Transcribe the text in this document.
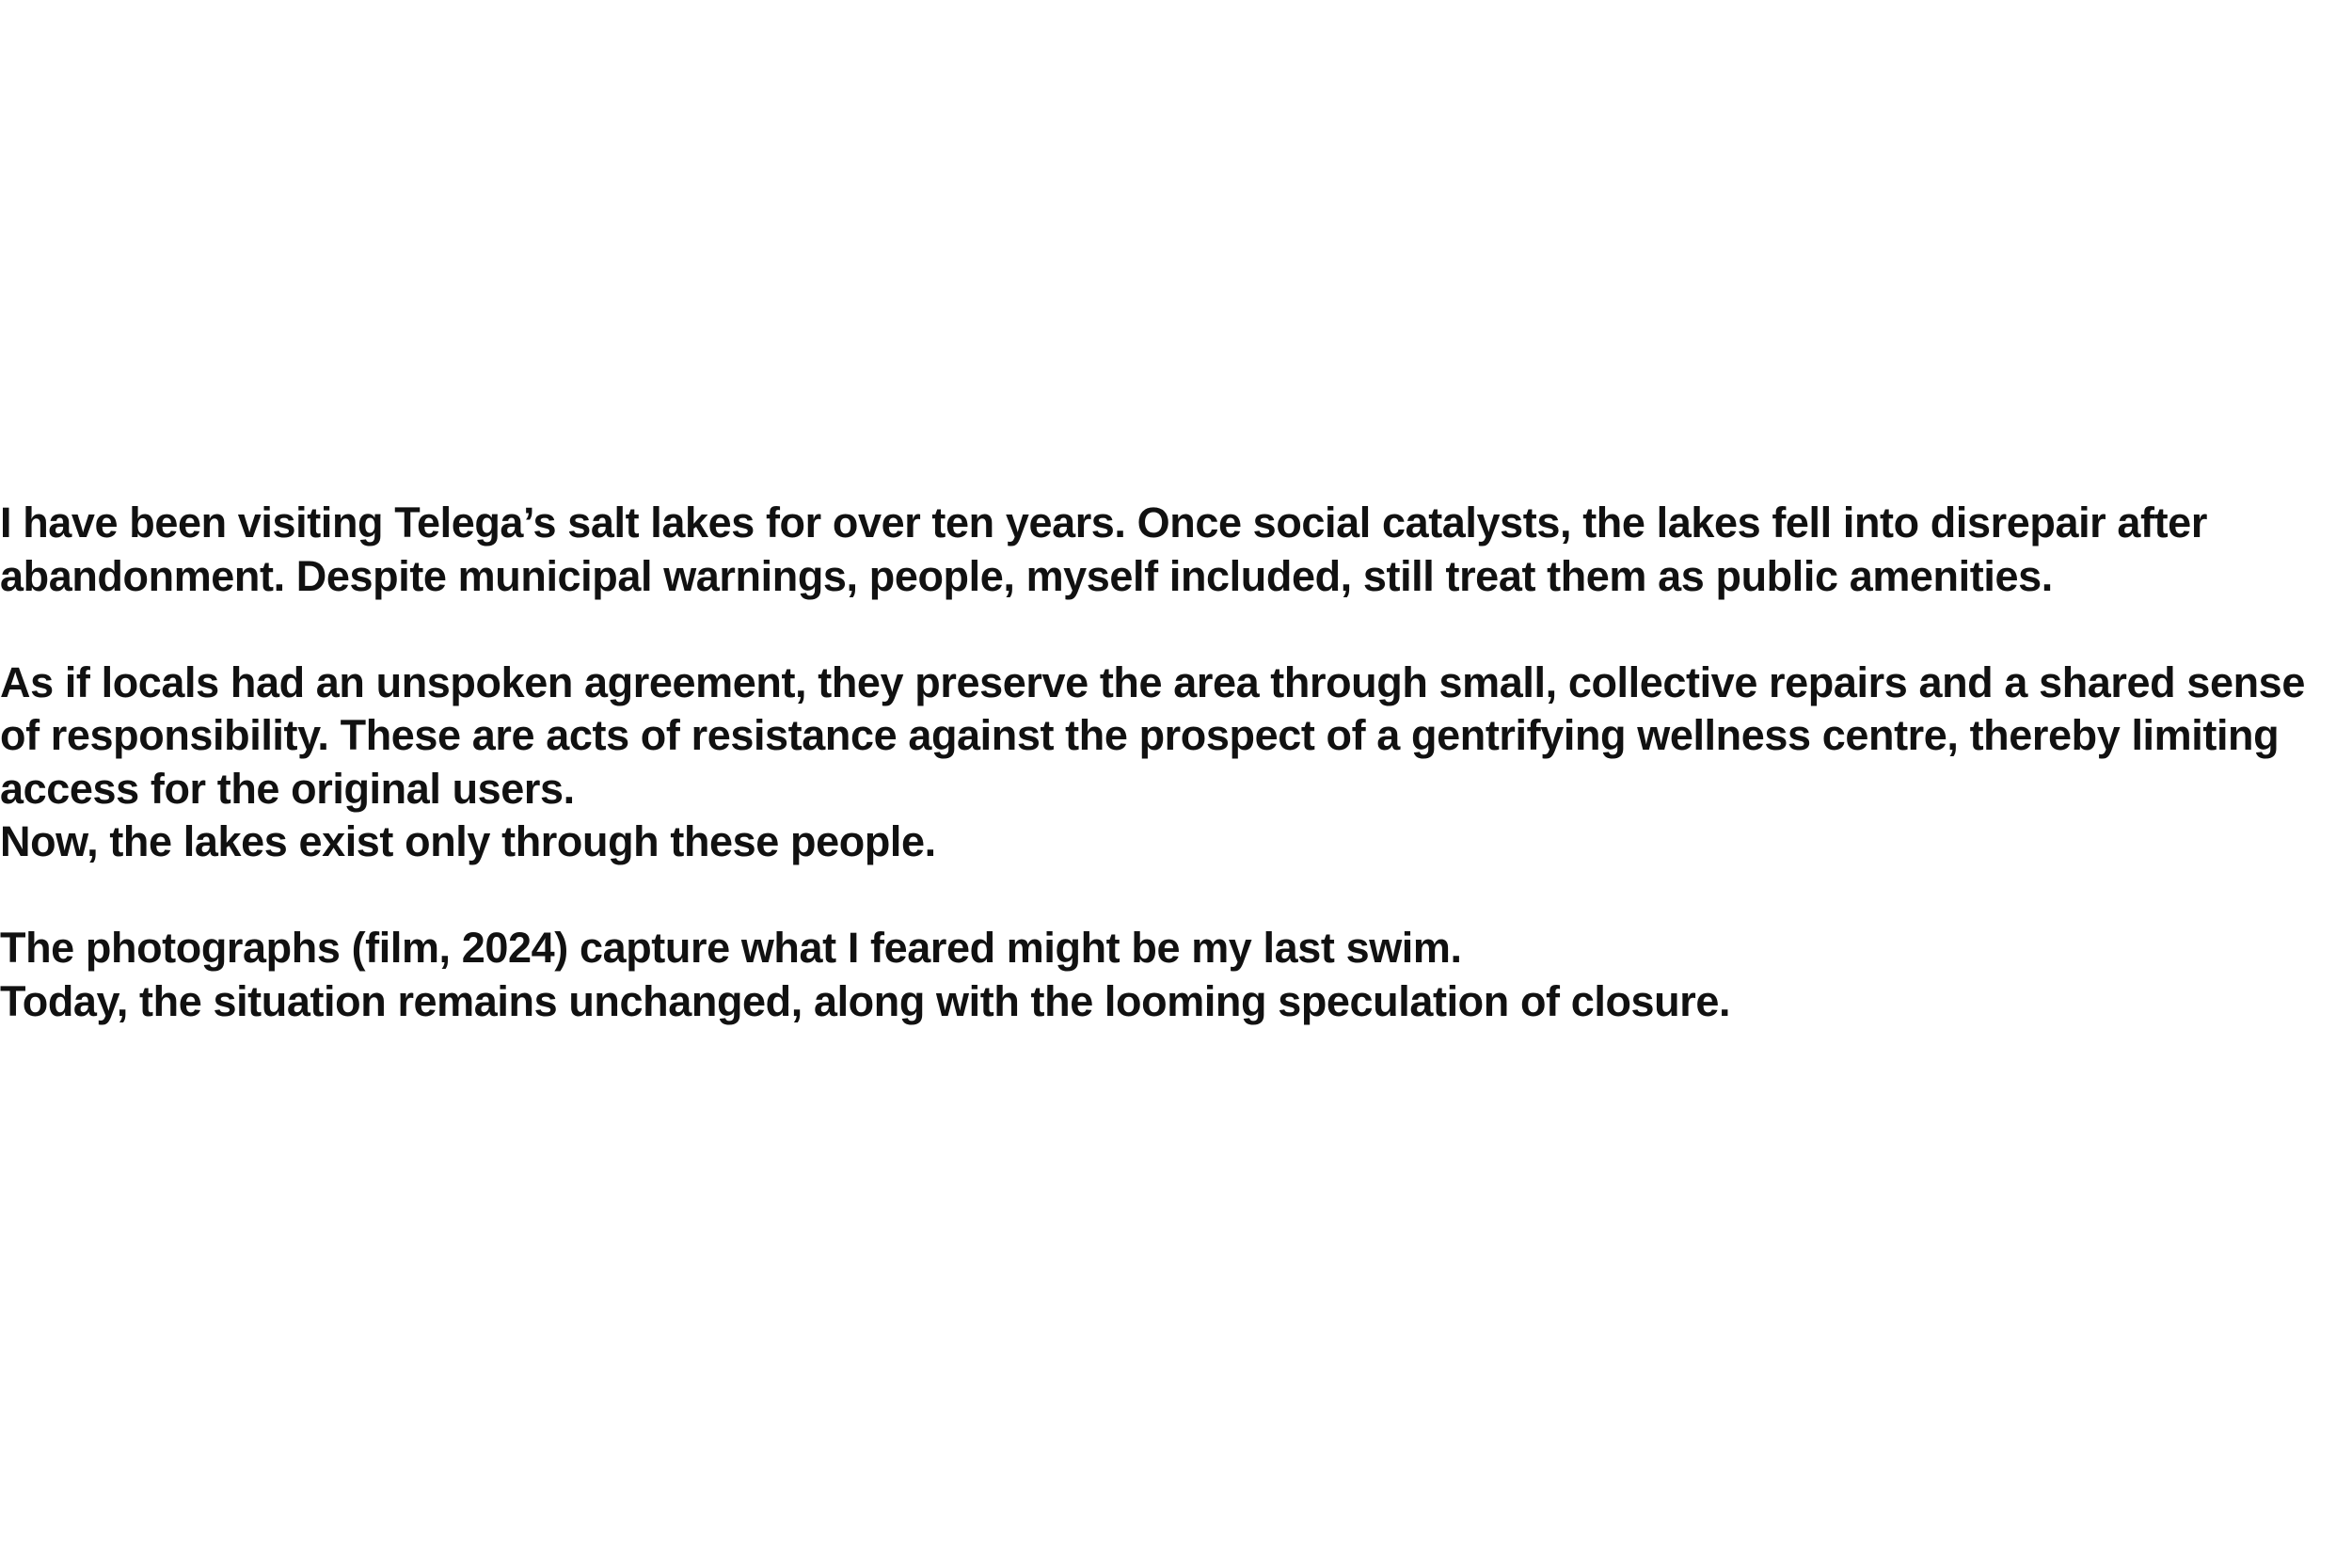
I have been visiting Telega’s salt lakes for over ten years. Once social catalysts, the lakes fell into disrepair after
abandonment. Despite municipal warnings, people, myself included, still treat them as public amenities.

As if locals had an unspoken agreement, they preserve the area through small, collective repairs and a shared sense
of responsibility. These are acts of resistance against the prospect of a gentrifying wellness centre, thereby limiting
access for the original users.
Now, the lakes exist only through these people.

The photographs (film, 2024) capture what I feared might be my last swim.
Today, the situation remains unchanged, along with the looming speculation of closure.
